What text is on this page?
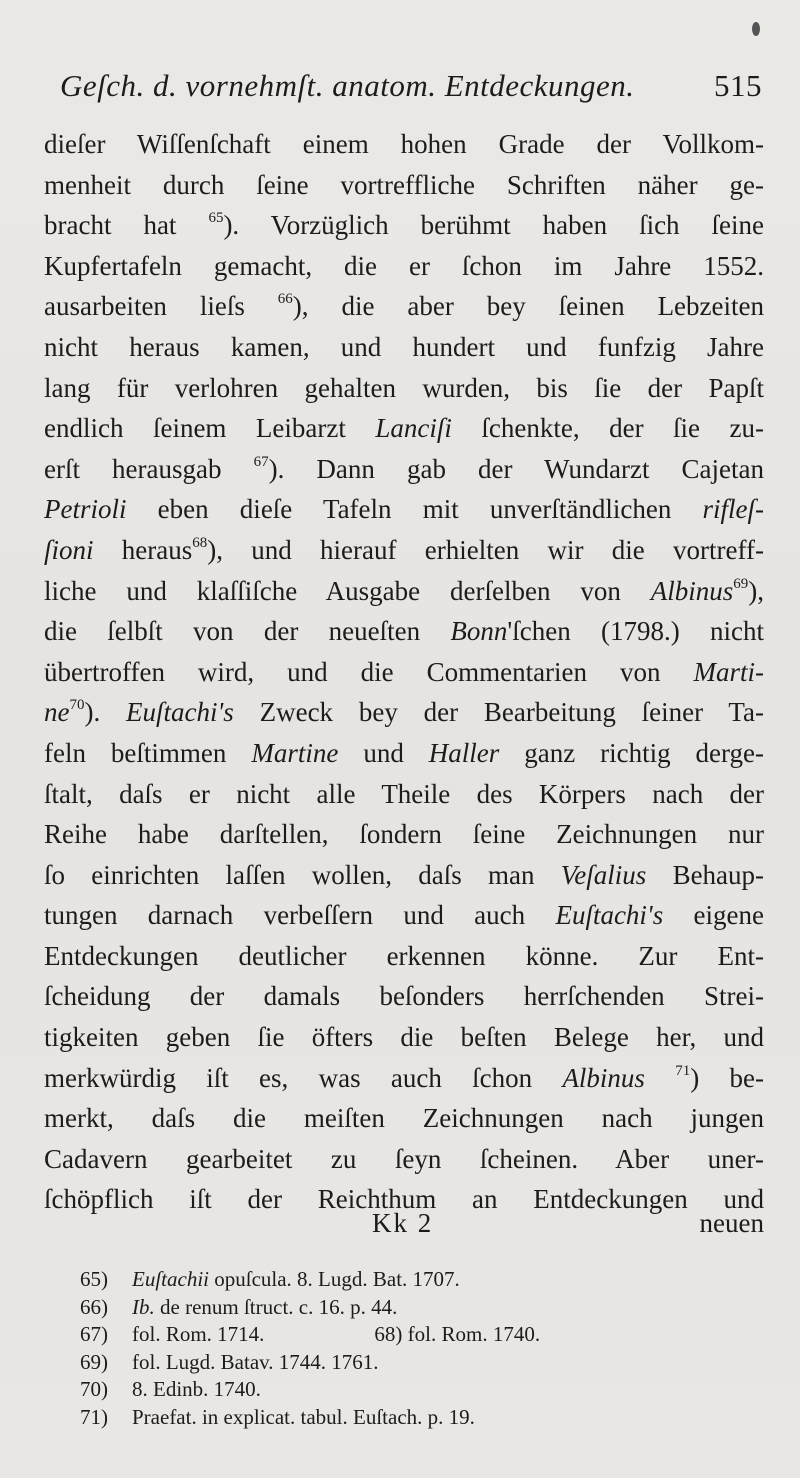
Geſch. d. vornehmſt. anatom. Entdeckungen.	515
dieſer Wiſſenſchaft einem hohen Grade der Vollkom-
menheit durch ſeine vortreffliche Schriften näher ge-
bracht hat $^{65}$). Vorzüglich berühmt haben ſich ſeine
Kupfertafeln gemacht, die er ſchon im Jahre 1552.
ausarbeiten lieſs $^{66}$), die aber bey ſeinen Lebzeiten
nicht heraus kamen, und hundert und funfzig Jahre
lang für verlohren gehalten wurden, bis ſie der Papſt
endlich ſeinem Leibarzt Lanciſi ſchenkte, der ſie zu-
erſt herausgab $^{67}$). Dann gab der Wundarzt Cajetan
Petrioli eben dieſe Tafeln mit unverſtändlichen rifleſ-
ſioni heraus$^{68}$), und hierauf erhielten wir die vortreff-
liche und klaſſiſche Ausgabe derſelben von Albinus$^{69}$),
die ſelbſt von der neueſten Bonn'ſchen (1798.) nicht
übertroffen wird, und die Commentarien von Marti-
$ne^{70}$). Euſtachi's Zweck bey der Bearbeitung ſeiner Ta-
feln beſtimmen Martine und Haller ganz richtig derge-
ſtalt, daſs er nicht alle Theile des Körpers nach der
Reihe habe darſtellen, ſondern ſeine Zeichnungen nur
ſo einrichten laſſen wollen, daſs man Veſalius Behaup-
tungen darnach verbeſſern und auch Euſtachi's eigene
Entdeckungen deutlicher erkennen könne. Zur Ent-
ſcheidung der damals beſonders herrſchenden Strei-
tigkeiten geben ſie öfters die beſten Belege her, und
merkwürdig iſt es, was auch ſchon Albinus $^{71}$) be-
merkt, daſs die meiſten Zeichnungen nach jungen
Cadavern gearbeitet zu ſeyn ſcheinen. Aber uner-
ſchöpflich iſt der Reichthum an Entdeckungen und
Kk 2	neuen
65) Euſtachii opuſcula. 8. Lugd. Bat. 1707.
66) Ib. de renum ſtruct. c. 16. p. 44.
67) fol. Rom. 1714.	68) fol. Rom. 1740.
69) fol. Lugd. Batav. 1744. 1761.
70) 8. Edinb. 1740.
71) Praefat. in explicat. tabul. Euſtach. p. 19.
